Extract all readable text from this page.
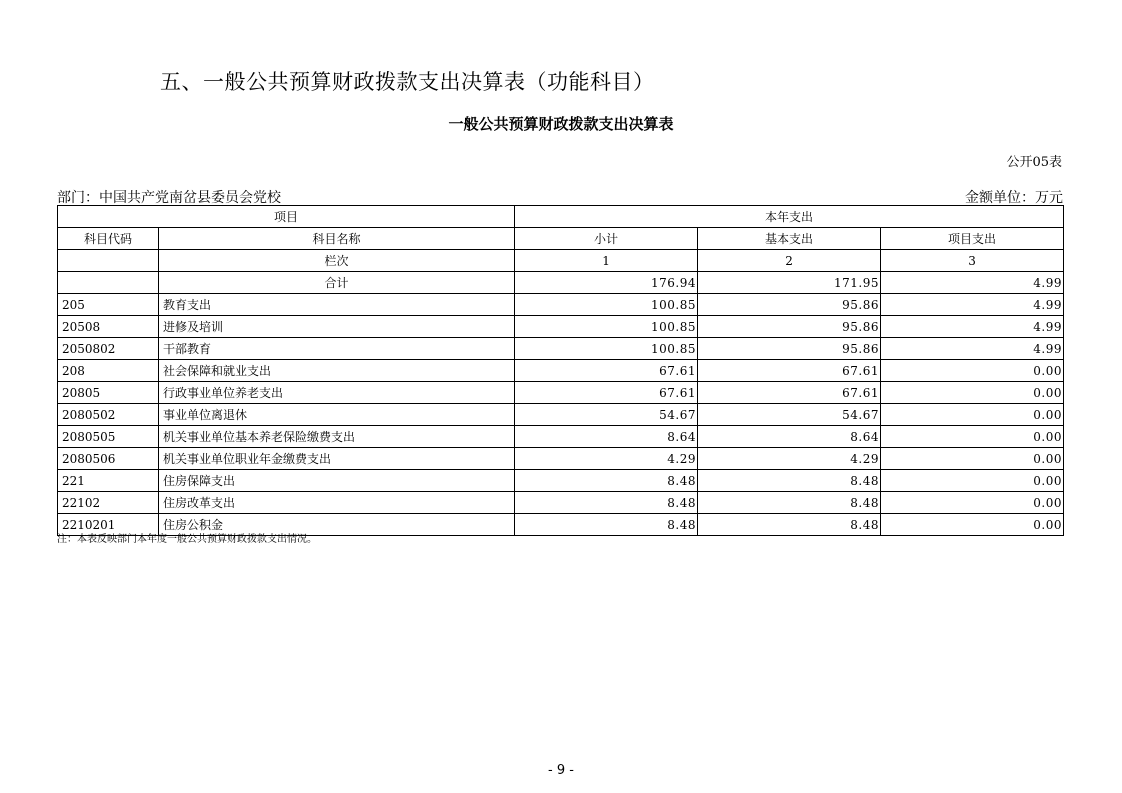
五、一般公共预算财政拨款支出决算表（功能科目）
一般公共预算财政拨款支出决算表
公开05表
部门：中国共产党南岔县委员会党校	金额单位：万元
项目		本年支出		
科目代码	科目名称	小计	基本支出	项目支出
	栏次	1	2	3
	合计	176.94	171.95	4.99
205	教育支出	100.85	95.86	4.99
20508	进修及培训	100.85	95.86	4.99
2050802	干部教育	100.85	95.86	4.99
208	社会保障和就业支出	67.61	67.61	0.00
20805	行政事业单位养老支出	67.61	67.61	0.00
2080502	事业单位离退休	54.67	54.67	0.00
2080505	机关事业单位基本养老保险缴费支出	8.64	8.64	0.00
2080506	机关事业单位职业年金缴费支出	4.29	4.29	0.00
221	住房保障支出	8.48	8.48	0.00
22102	住房改革支出	8.48	8.48	0.00
2210201	住房公积金	8.48	8.48	0.00
注：本表反映部门本年度一般公共预算财政拨款支出情况。
- 9 -
